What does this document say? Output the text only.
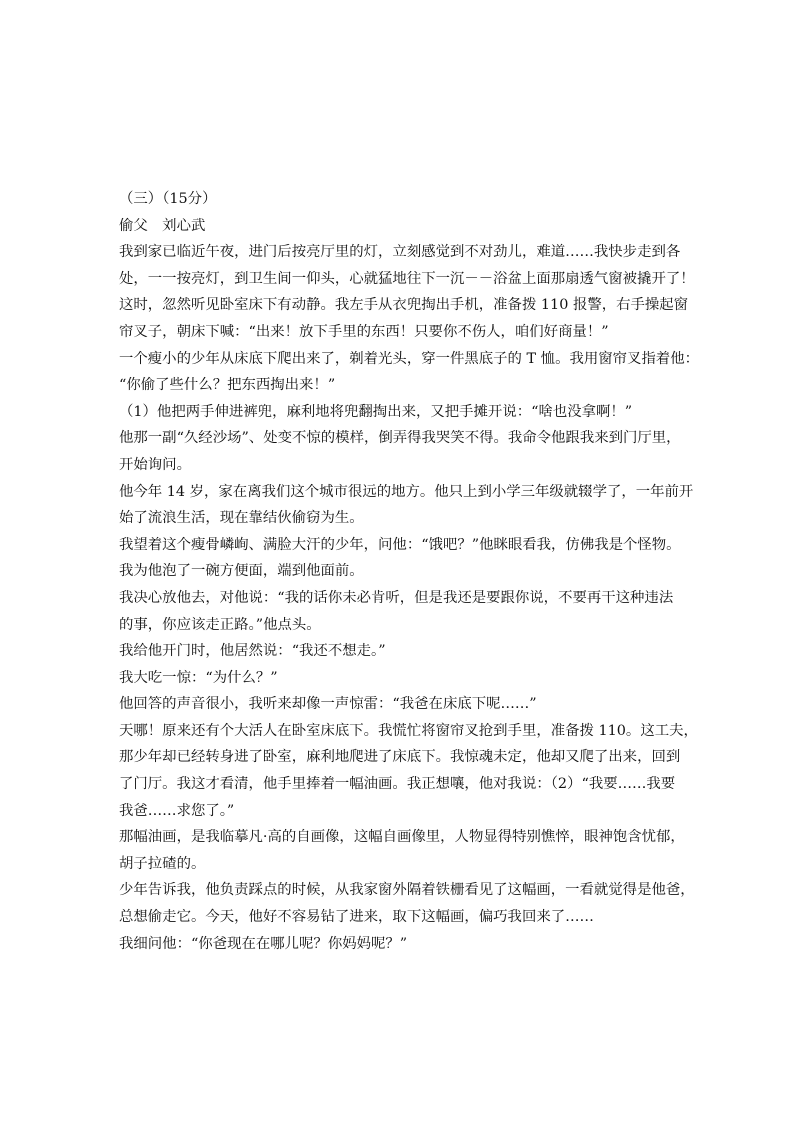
（三）（15分）
偷父　刘心武
我到家已临近午夜，进门后按亮厅里的灯，立刻感觉到不对劲儿，难道……我快步走到各
处，一一按亮灯，到卫生间一仰头，心就猛地往下一沉－－浴盆上面那扇透气窗被撬开了！
这时，忽然听见卧室床下有动静。我左手从衣兜掏出手机，准备拨 110 报警，右手操起窗
帘叉子，朝床下喊：“出来！放下手里的东西！只要你不伤人，咱们好商量！”
一个瘦小的少年从床底下爬出来了，剃着光头，穿一件黑底子的 T 恤。我用窗帘叉指着他：
“你偷了些什么？把东西掏出来！”
（1）他把两手伸进裤兜，麻利地将兜翻掏出来，又把手摊开说：“啥也没拿啊！”
他那一副“久经沙场”、处变不惊的模样，倒弄得我哭笑不得。我命令他跟我来到门厅里，
开始询问。
他今年 14 岁，家在离我们这个城市很远的地方。他只上到小学三年级就辍学了，一年前开
始了流浪生活，现在靠结伙偷窃为生。
我望着这个瘦骨嶙峋、满脸大汗的少年，问他：“饿吧？”他眯眼看我，仿佛我是个怪物。
我为他泡了一碗方便面，端到他面前。
我决心放他去，对他说：“我的话你未必肯听，但是我还是要跟你说，不要再干这种违法
的事，你应该走正路。”他点头。
我给他开门时，他居然说：“我还不想走。”
我大吃一惊：“为什么？”
他回答的声音很小，我听来却像一声惊雷：“我爸在床底下呢……”
天哪！原来还有个大活人在卧室床底下。我慌忙将窗帘叉抢到手里，准备拨 110。这工夫，
那少年却已经转身进了卧室，麻利地爬进了床底下。我惊魂未定，他却又爬了出来，回到
了门厅。我这才看清，他手里捧着一幅油画。我正想嚷，他对我说：（2）“我要……我要
我爸……求您了。”
那幅油画，是我临摹凡·高的自画像，这幅自画像里，人物显得特别憔悴，眼神饱含忧郁，
胡子拉碴的。
少年告诉我，他负责踩点的时候，从我家窗外隔着铁栅看见了这幅画，一看就觉得是他爸，
总想偷走它。今天，他好不容易钻了进来，取下这幅画，偏巧我回来了……
我细问他：“你爸现在在哪儿呢？你妈妈呢？”
